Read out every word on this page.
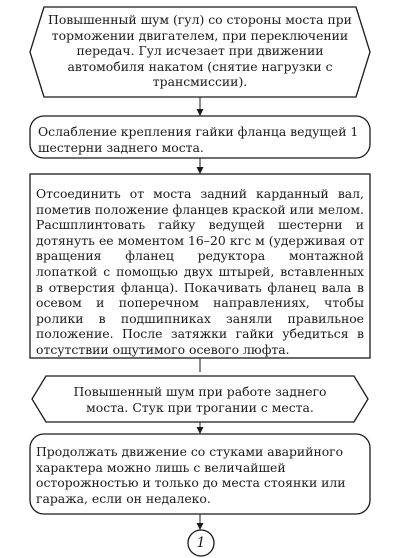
Повышенный шум (гул) со стороны моста при торможении двигателем, при переключении передач. Гул исчезает при движении автомобиля накатом (снятие нагрузки с трансмиссии).

Ослабление крепления гайки фланца ведущей 1 шестерни заднего моста.

Отсоединить от моста задний карданный вал, пометив положение фланцев краской или мелом. Расшплинтовать гайку ведущей шестерни и дотянуть ее моментом 16–20 кгс м (удерживая от вращения фланец редуктора монтажной лопаткой с помощью двух штырей, вставленных в отверстия фланца). Покачивать фланец вала в осевом и поперечном направлениях, чтобы ролики в подшипниках заняли правильное положение. После затяжки гайки убедиться в отсутствии ощутимого осевого люфта.

Повышенный шум при работе заднего моста. Стук при трогании с места.

Продолжать движение со стуками аварийного характера можно лишь с величайшей осторожностью и только до места стоянки или гаража, если он недалеко.

1
